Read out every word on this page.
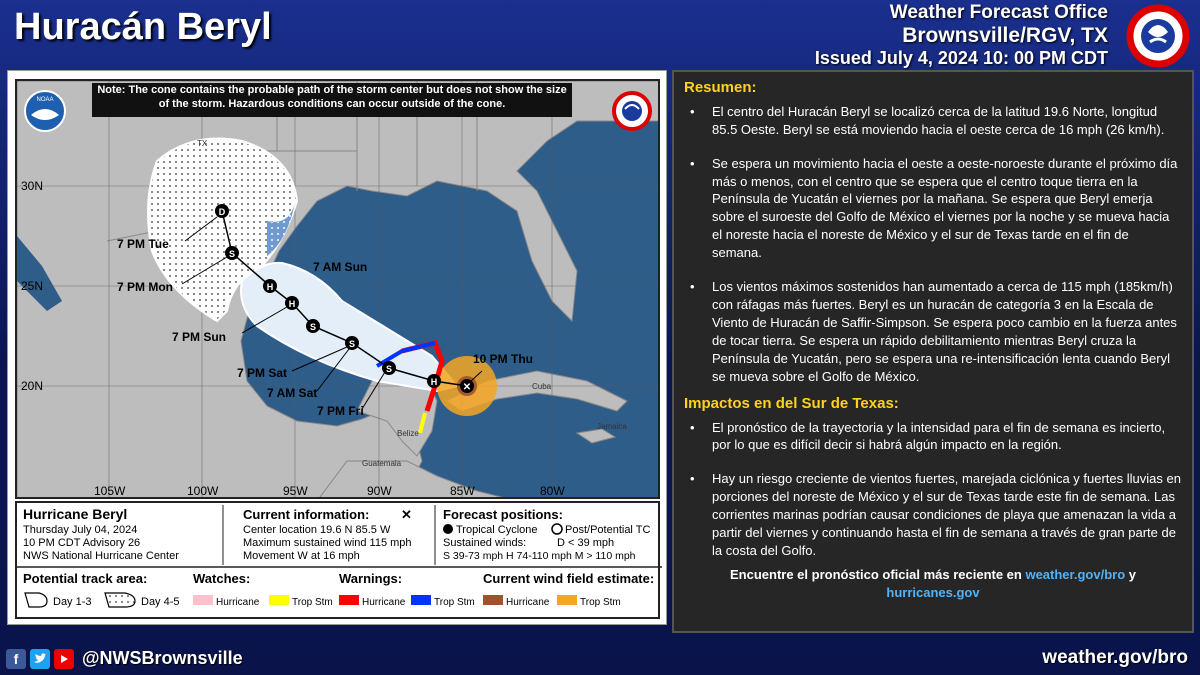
Huracán Beryl	Weather Forecast Office
Brownsville/RGV, TX
Issued July 4, 2024 10: 00 PM CDT
✕
H
S
S
S
H
H
S
D
7 PM Tue
7 PM Mon
7 PM Sun
7 AM Sun
7 PM Sat
7 AM Sat
7 PM Fri
10 PM Thu
30N
25N
20N
105W	100W	95W	90W	85W	80W
TX
Belize
Guatemala
Jamaica
Cuba
NOAA
Note: The cone contains the probable path of the storm center but does not show the size of the storm. Hazardous conditions can occur outside of the cone.
Hurricane Beryl
Thursday July 04, 2024
10 PM CDT Advisory 26
NWS National Hurricane Center
Current information: ✕
Center location 19.6 N 85.5 W
Maximum sustained wind 115 mph
Movement W at 16 mph
Forecast positions:
Tropical Cyclone Post/Potential TC
Sustained winds:	D < 39 mph
S 39-73 mph H 74-110 mph M > 110 mph
Potential track area:
Day 1-3	Day 4-5
Watches:
Hurricane	Trop Stm
Warnings:
Hurricane	Trop Stm
Current wind field estimate:
Hurricane	Trop Stm
Resumen:
• El centro del Huracán Beryl se localizó cerca de la latitud 19.6 Norte, longitud 85.5 Oeste. Beryl se está moviendo hacia el oeste cerca de 16 mph (26 km/h).
• Se espera un movimiento hacia el oeste a oeste-noroeste durante el próximo día más o menos, con el centro que se espera que el centro toque tierra en la Península de Yucatán el viernes por la mañana. Se espera que Beryl emerja sobre el suroeste del Golfo de México el viernes por la noche y se mueva hacia el noreste hacia el noreste de México y el sur de Texas tarde en el fin de semana.
• Los vientos máximos sostenidos han aumentado a cerca de 115 mph (185km/h) con ráfagas más fuertes. Beryl es un huracán de categoría 3 en la Escala de Viento de Huracán de Saffir-Simpson. Se espera poco cambio en la fuerza antes de tocar tierra. Se espera un rápido debilitamiento mientras Beryl cruza la Península de Yucatán, pero se espera una re-intensificación lenta cuando Beryl se mueva sobre el Golfo de México.
Impactos en del Sur de Texas:
• El pronóstico de la trayectoria y la intensidad para el fin de semana es incierto, por lo que es difícil decir si habrá algún impacto en la región.
• Hay un riesgo creciente de vientos fuertes, marejada ciclónica y fuertes lluvias en porciones del noreste de México y el sur de Texas tarde este fin de semana. Las corrientes marinas podrían causar condiciones de playa que amenazan la vida a partir del viernes y continuando hasta el fin de semana a través de gran parte de la costa del Golfo.
Encuentre el pronóstico oficial más reciente en weather.gov/bro y
hurricanes.gov
f	@NWSBrownsville	weather.gov/bro
